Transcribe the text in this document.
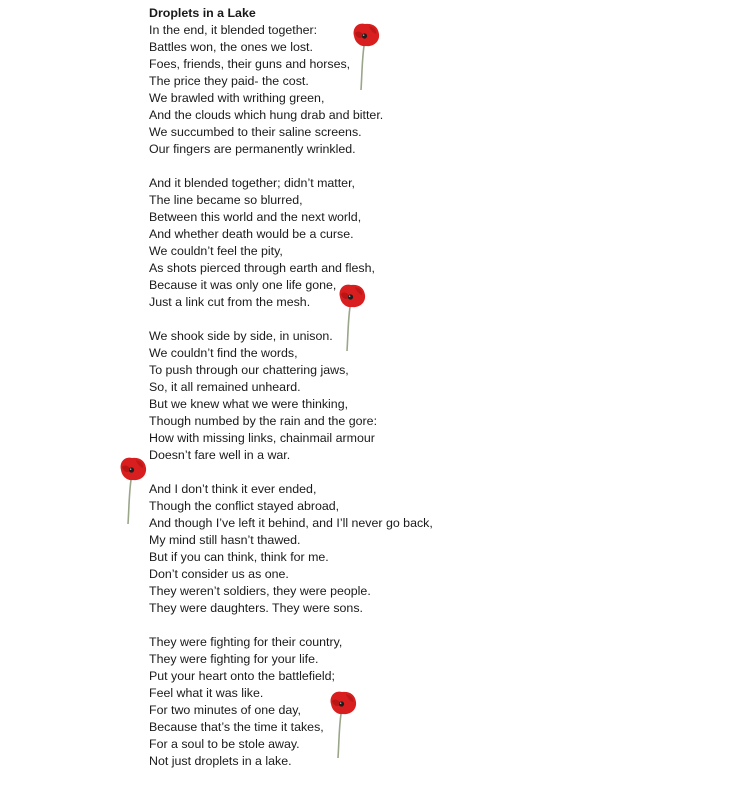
Droplets in a Lake

In the end, it blended together:
Battles won, the ones we lost.
Foes, friends, their guns and horses,
The price they paid- the cost.
We brawled with writhing green,
And the clouds which hung drab and bitter.
We succumbed to their saline screens.
Our fingers are permanently wrinkled.
And it blended together; didn’t matter,
The line became so blurred,
Between this world and the next world,
And whether death would be a curse.
We couldn’t feel the pity,
As shots pierced through earth and flesh,
Because it was only one life gone,
Just a link cut from the mesh.
We shook side by side, in unison.
We couldn’t find the words,
To push through our chattering jaws,
So, it all remained unheard.
But we knew what we were thinking,
Though numbed by the rain and the gore:
How with missing links, chainmail armour
Doesn’t fare well in a war.
And I don’t think it ever ended,
Though the conflict stayed abroad,
And though I’ve left it behind, and I’ll never go back,
My mind still hasn’t thawed.
But if you can think, think for me.
Don’t consider us as one.
They weren’t soldiers, they were people.
They were daughters. They were sons.
They were fighting for their country,
They were fighting for your life.
Put your heart onto the battlefield;
Feel what it was like.
For two minutes of one day,
Because that’s the time it takes,
For a soul to be stole away.
Not just droplets in a lake.
